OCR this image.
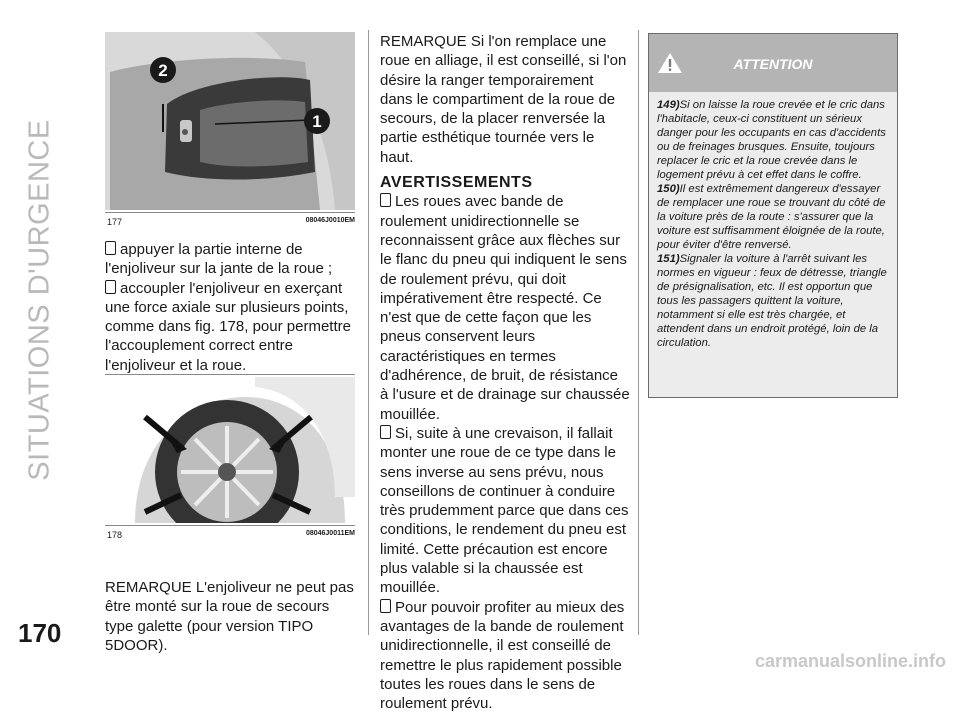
SITUATIONS D'URGENCE
170
2
1
177	08046J0010EM

appuyer la partie interne de l'enjoliveur sur la jante de la roue ;

accoupler l'enjoliveur en exerçant une force axiale sur plusieurs points, comme dans fig. 178, pour permettre l'accouplement correct entre l'enjoliveur et la roue.

178	08046J0011EM

REMARQUE L'enjoliveur ne peut pas être monté sur la roue de secours type galette (pour version TIPO 5DOOR).

REMARQUE Si l'on remplace une roue en alliage, il est conseillé, si l'on désire la ranger temporairement dans le compartiment de la roue de secours, de la placer renversée la partie esthétique tournée vers le haut.

AVERTISSEMENTS

Les roues avec bande de roulement unidirectionnelle se reconnaissent grâce aux flèches sur le flanc du pneu qui indiquent le sens de roulement prévu, qui doit impérativement être respecté. Ce n'est que de cette façon que les pneus conservent leurs caractéristiques en termes d'adhérence, de bruit, de résistance à l'usure et de drainage sur chaussée mouillée.

Si, suite à une crevaison, il fallait monter une roue de ce type dans le sens inverse au sens prévu, nous conseillons de continuer à conduire très prudemment parce que dans ces conditions, le rendement du pneu est limité. Cette précaution est encore plus valable si la chaussée est mouillée.

Pour pouvoir profiter au mieux des avantages de la bande de roulement unidirectionnelle, il est conseillé de remettre le plus rapidement possible toutes les roues dans le sens de roulement prévu.

ATTENTION

149)Si on laisse la roue crevée et le cric dans l'habitacle, ceux-ci constituent un sérieux danger pour les occupants en cas d'accidents ou de freinages brusques. Ensuite, toujours replacer le cric et la roue crevée dans le logement prévu à cet effet dans le coffre.

150)Il est extrêmement dangereux d'essayer de remplacer une roue se trouvant du côté de la voiture près de la route : s'assurer que la voiture est suffisamment éloignée de la route, pour éviter d'être renversé.

151)Signaler la voiture à l'arrêt suivant les normes en vigueur : feux de détresse, triangle de présignalisation, etc. Il est opportun que tous les passagers quittent la voiture, notamment si elle est très chargée, et attendent dans un endroit protégé, loin de la circulation.

carmanualsonline.info
